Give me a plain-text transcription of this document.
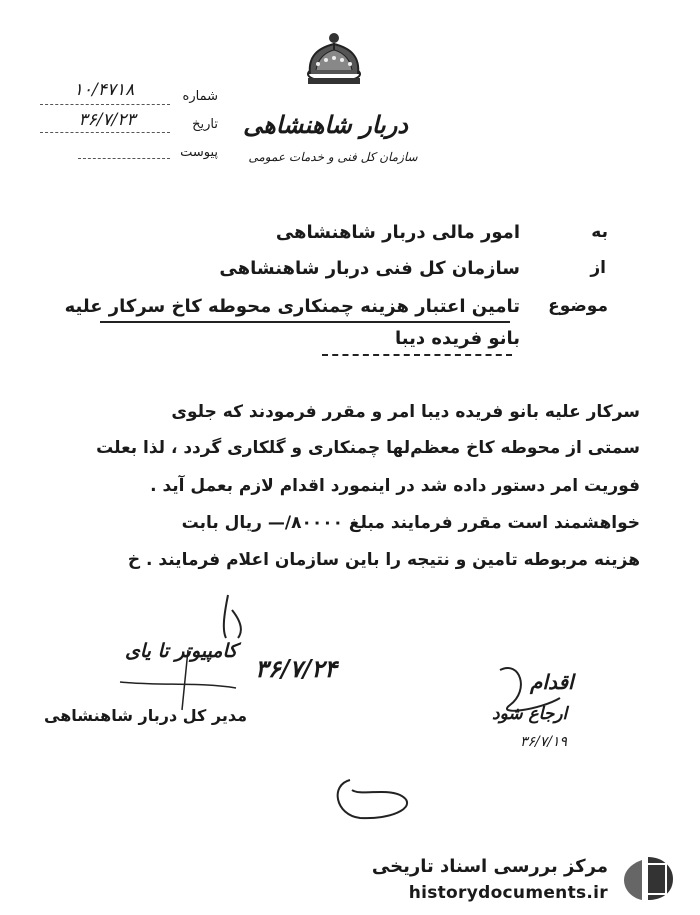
دربار شاهنشاهی
سازمان کل فنی و خدمات عمومی
شماره
۱۰/۴۷۱۸
تاریخ
۳۶/۷/۲۳
پیوست
به
امور مالی دربار شاهنشاهی
از
سازمان کل فنی دربار شاهنشاهی
موضوع
تامین اعتبار هزینه چمنکاری محوطه کاخ سرکار علیه
بانو فریده دیبا
سرکار علیه بانو فریده دیبا امر و مقرر فرمودند که جلوی
سمتی از محوطه کاخ معظم‌لها چمنکاری و گلکاری گردد ، لذا بعلت
فوریت امر دستور داده شد در اینمورد اقدام لازم بعمل آید .
خواهشمند است مقرر فرمایند مبلغ ۸۰۰۰۰/— ریال بابت
هزینه مربوطه تامین و نتیجه را باین سازمان اعلام فرمایند . خ
کامپیوتر تا یای
۳۶/۷/۲۴
مدیر کل دربار شاهنشاهی
اقدام
ارجاع شود
۳۶/۷/۱۹
مرکز بررسی اسناد تاریخی
historydocuments.ir
